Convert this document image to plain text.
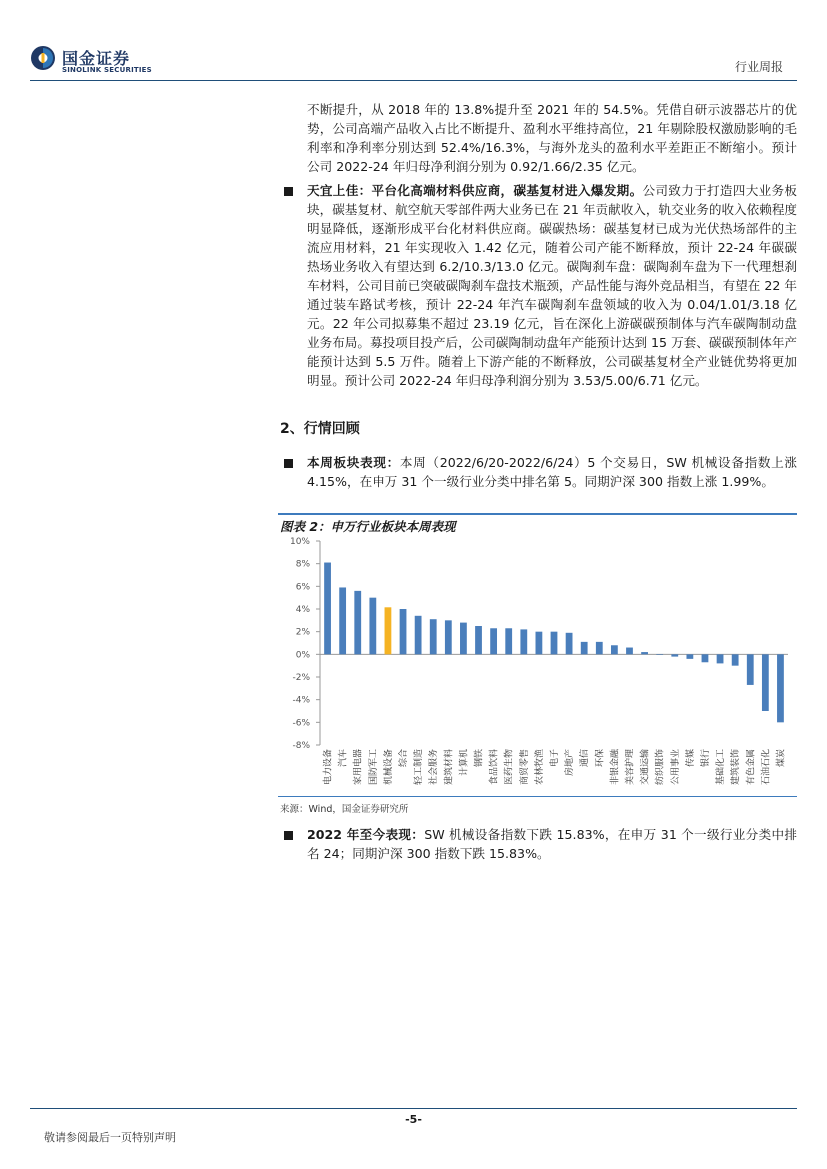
国金证券
SINOLINK SECURITIES	行业周报
不断提升，从 2018 年的 13.8%提升至 2021 年的 54.5%。凭借自研示波器芯片的优势，公司高端产品收入占比不断提升、盈利水平维持高位，21 年剔除股权激励影响的毛利率和净利率分别达到 52.4%/16.3%，与海外龙头的盈利水平差距正不断缩小。预计公司 2022-24 年归母净利润分别为 0.92/1.66/2.35 亿元。
天宜上佳：平台化高端材料供应商，碳基复材进入爆发期。公司致力于打造四大业务板块，碳基复材、航空航天零部件两大业务已在 21 年贡献收入，轨交业务的收入依赖程度明显降低，逐渐形成平台化材料供应商。碳碳热场：碳基复材已成为光伏热场部件的主流应用材料，21 年实现收入 1.42 亿元，随着公司产能不断释放，预计 22-24 年碳碳热场业务收入有望达到 6.2/10.3/13.0 亿元。碳陶刹车盘：碳陶刹车盘为下一代理想刹车材料，公司目前已突破碳陶刹车盘技术瓶颈，产品性能与海外竞品相当，有望在 22 年通过装车路试考核，预计 22-24 年汽车碳陶刹车盘领域的收入为 0.04/1.01/3.18 亿元。22 年公司拟募集不超过 23.19 亿元，旨在深化上游碳碳预制体与汽车碳陶制动盘业务布局。募投项目投产后，公司碳陶制动盘年产能预计达到 15 万套、碳碳预制体年产能预计达到 5.5 万件。随着上下游产能的不断释放，公司碳基复材全产业链优势将更加明显。预计公司 2022-24 年归母净利润分别为 3.53/5.00/6.71 亿元。
2、行情回顾
本周板块表现：本周（2022/6/20-2022/6/24）5 个交易日，SW 机械设备指数上涨 4.15%，在申万 31 个一级行业分类中排名第 5。同期沪深 300 指数上涨 1.99%。
图表 2：申万行业板块本周表现
10%
8%
6%
4%
2%
0%
-2%
-4%
-6%
-8%
电力设备 汽车 家用电器 国防军工 机械设备 综合 轻工制造 社会服务 建筑材料 计算机 钢铁 食品饮料 医药生物 商贸零售 农林牧渔 电子 房地产 通信 环保 非银金融 美容护理 交通运输 纺织服饰 公用事业 传媒 银行 基础化工 建筑装饰 有色金属 石油石化 煤炭
来源：Wind，国金证券研究所
2022 年至今表现：SW 机械设备指数下跌 15.83%，在申万 31 个一级行业分类中排名 24；同期沪深 300 指数下跌 15.83%。
-5-
敬请参阅最后一页特别声明
